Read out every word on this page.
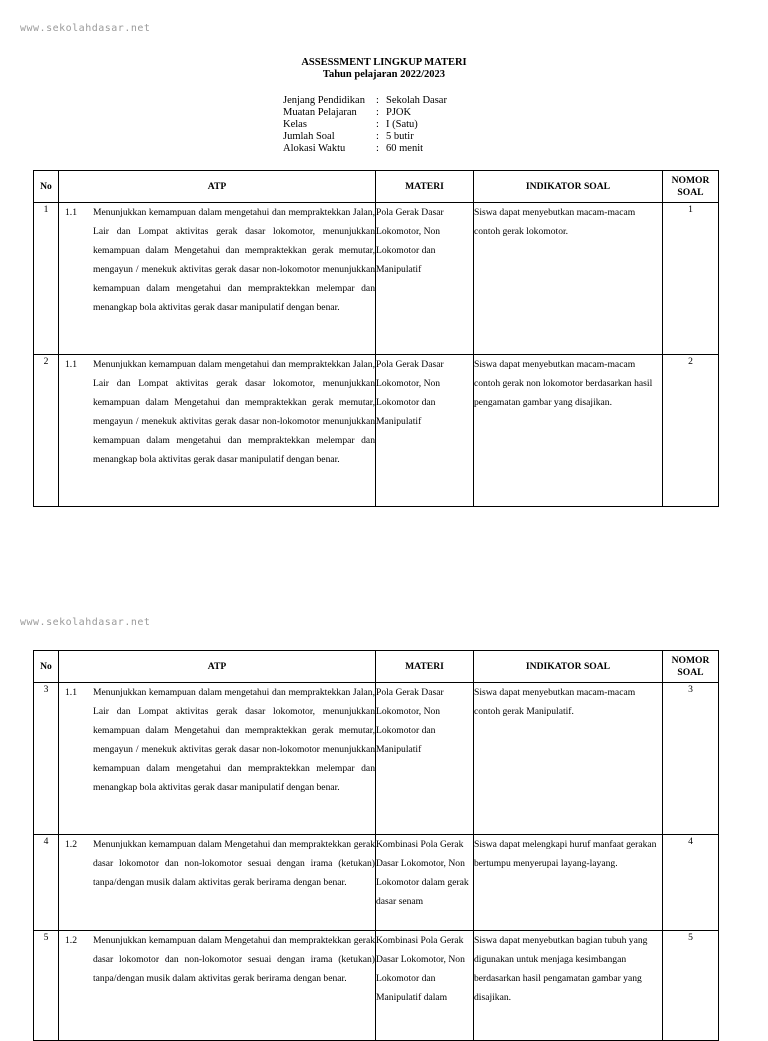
www.sekolahdasar.net
www.sekolahdasar.net
ASSESSMENT LINGKUP MATERI
Tahun pelajaran 2022/2023
Jenjang Pendidikan	:	Sekolah Dasar
Muatan Pelajaran	:	PJOK
Kelas	:	I (Satu)
Jumlah Soal	:	5 butir
Alokasi Waktu	:	60 menit
No	ATP	MATERI	INDIKATOR SOAL	NOMOR SOAL
1	1.1 Menunjukkan kemampuan dalam mengetahui dan mempraktekkan Jalan, Lair dan Lompat aktivitas gerak dasar lokomotor, menunjukkan kemampuan dalam Mengetahui dan mempraktekkan gerak memutar, mengayun / menekuk aktivitas gerak dasar non-lokomotor menunjukkan kemampuan dalam mengetahui dan mempraktekkan melempar dan menangkap bola aktivitas gerak dasar manipulatif dengan benar.	Pola Gerak Dasar Lokomotor, Non Lokomotor dan Manipulatif	Siswa dapat menyebutkan macam-macam contoh gerak lokomotor.	1
2	1.1 Menunjukkan kemampuan dalam mengetahui dan mempraktekkan Jalan, Lair dan Lompat aktivitas gerak dasar lokomotor, menunjukkan kemampuan dalam Mengetahui dan mempraktekkan gerak memutar, mengayun / menekuk aktivitas gerak dasar non-lokomotor menunjukkan kemampuan dalam mengetahui dan mempraktekkan melempar dan menangkap bola aktivitas gerak dasar manipulatif dengan benar.	Pola Gerak Dasar Lokomotor, Non Lokomotor dan Manipulatif	Siswa dapat menyebutkan macam-macam contoh gerak non lokomotor berdasarkan hasil pengamatan gambar yang disajikan.	2
No	ATP	MATERI	INDIKATOR SOAL	NOMOR SOAL
3	1.1 Menunjukkan kemampuan dalam mengetahui dan mempraktekkan Jalan, Lair dan Lompat aktivitas gerak dasar lokomotor, menunjukkan kemampuan dalam Mengetahui dan mempraktekkan gerak memutar, mengayun / menekuk aktivitas gerak dasar non-lokomotor menunjukkan kemampuan dalam mengetahui dan mempraktekkan melempar dan menangkap bola aktivitas gerak dasar manipulatif dengan benar.	Pola Gerak Dasar Lokomotor, Non Lokomotor dan Manipulatif	Siswa dapat menyebutkan macam-macam contoh gerak Manipulatif.	3
4	1.2 Menunjukkan kemampuan dalam Mengetahui dan mempraktekkan gerak dasar lokomotor dan non-lokomotor sesuai dengan irama (ketukan) tanpa/dengan musik dalam aktivitas gerak berirama dengan benar.	Kombinasi Pola Gerak Dasar Lokomotor, Non Lokomotor dalam gerak dasar senam	Siswa dapat melengkapi huruf manfaat gerakan bertumpu menyerupai layang-layang.	4
5	1.2 Menunjukkan kemampuan dalam Mengetahui dan mempraktekkan gerak dasar lokomotor dan non-lokomotor sesuai dengan irama (ketukan) tanpa/dengan musik dalam aktivitas gerak berirama dengan benar.	Kombinasi Pola Gerak Dasar Lokomotor, Non Lokomotor dan Manipulatif dalam	Siswa dapat menyebutkan bagian tubuh yang digunakan untuk menjaga kesimbangan berdasarkan hasil pengamatan gambar yang disajikan.	5
